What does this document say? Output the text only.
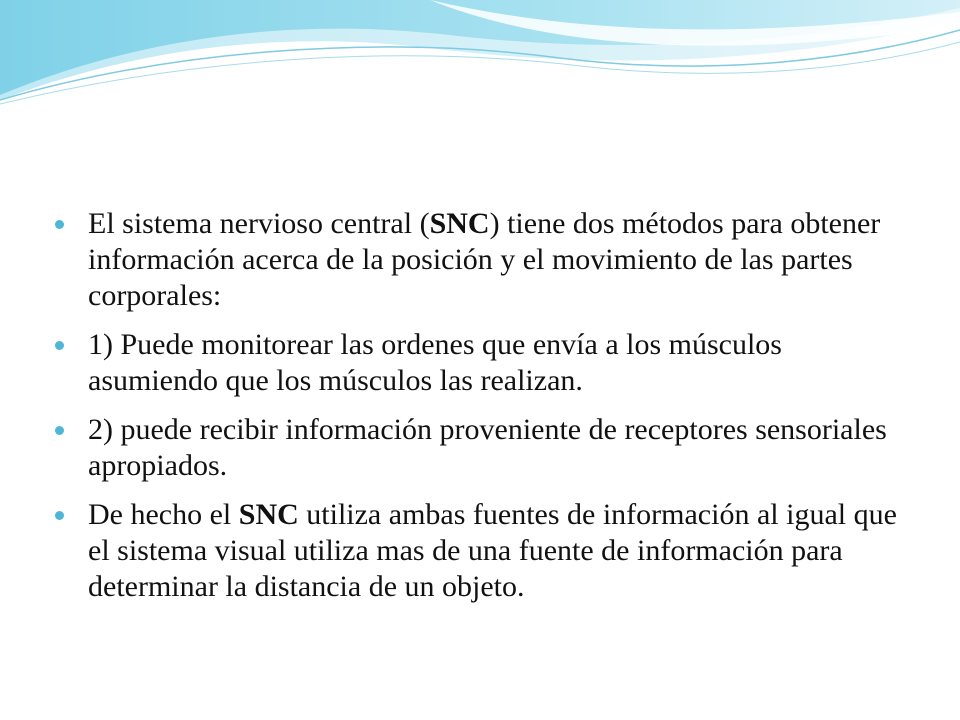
El sistema nervioso central (SNC) tiene dos métodos para obtener información acerca de la posición y el movimiento de las partes corporales:
1) Puede monitorear las ordenes que envía a los músculos asumiendo que los músculos las realizan.
2) puede recibir información proveniente de receptores sensoriales apropiados.
De hecho el SNC utiliza ambas fuentes de información al igual que el sistema visual utiliza mas de una fuente de información para determinar la distancia de un objeto.
